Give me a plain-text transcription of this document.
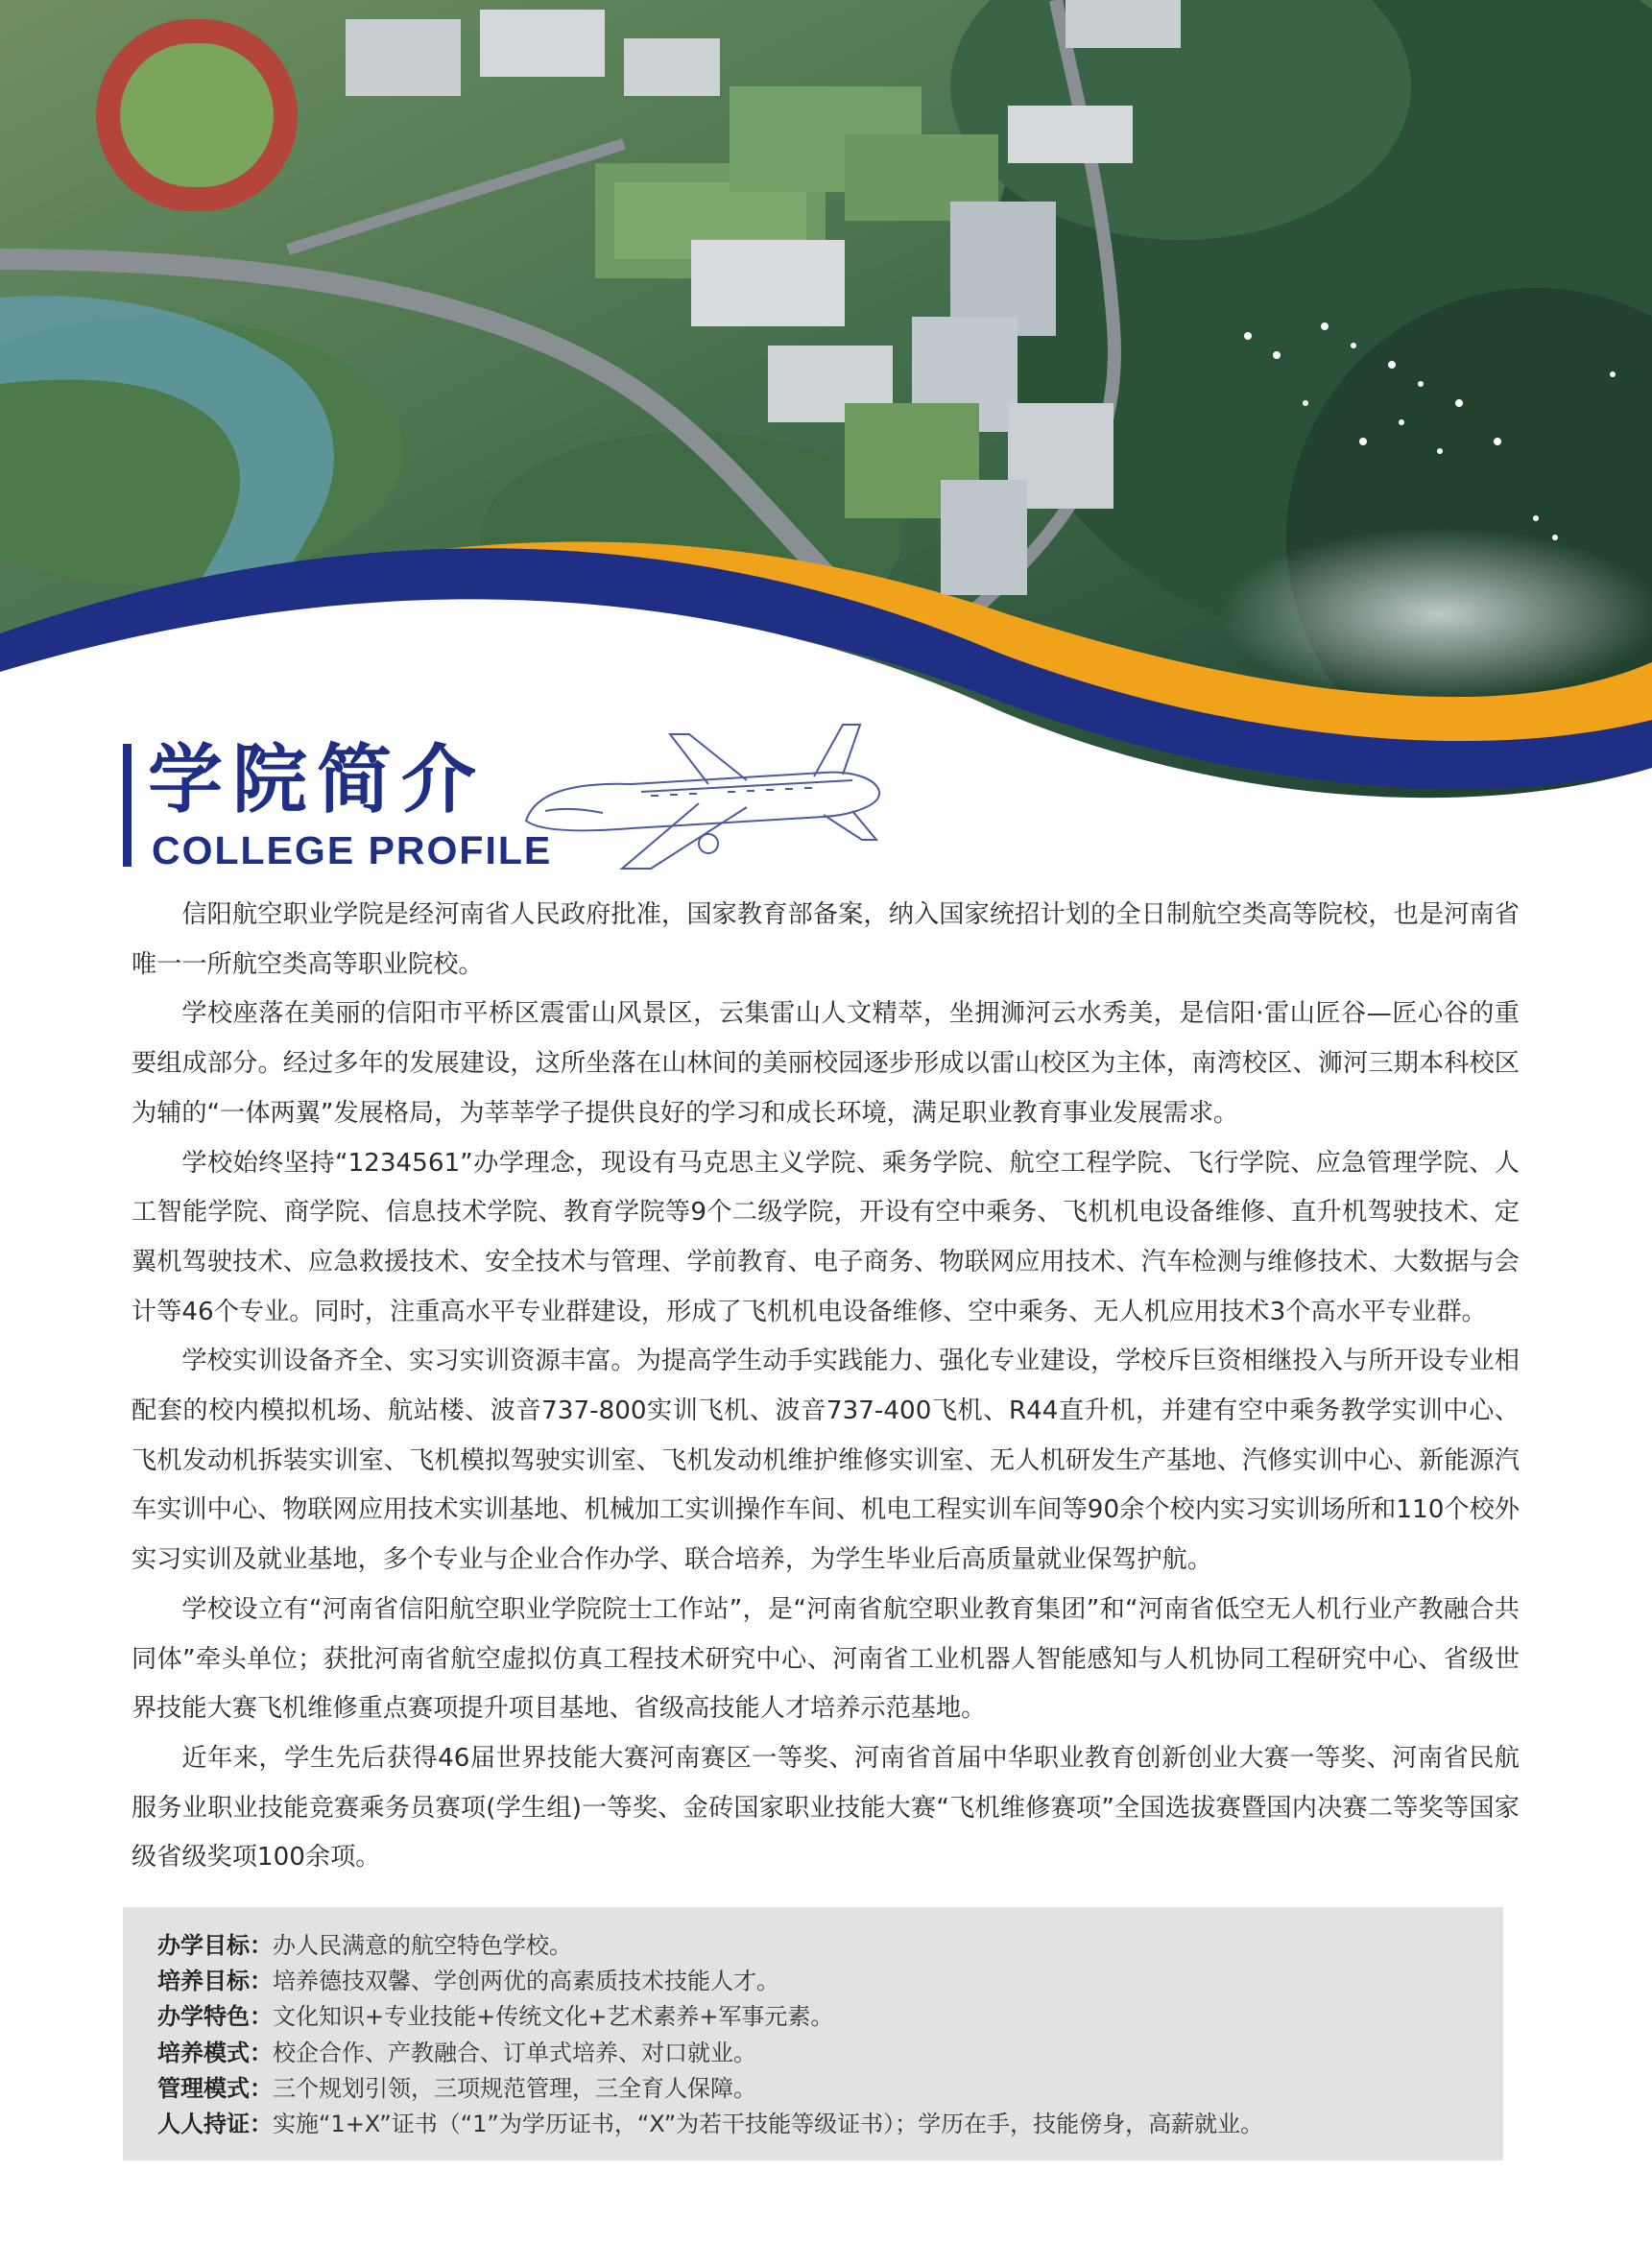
学院简介
COLLEGE PROFILE

信阳航空职业学院是经河南省人民政府批准，国家教育部备案，纳入国家统招计划的全日制航空类高等院校，也是河南省唯一一所航空类高等职业院校。

学校座落在美丽的信阳市平桥区震雷山风景区，云集雷山人文精萃，坐拥浉河云水秀美，是信阳·雷山匠谷—匠心谷的重要组成部分。经过多年的发展建设，这所坐落在山林间的美丽校园逐步形成以雷山校区为主体，南湾校区、浉河三期本科校区为辅的“一体两翼”发展格局，为莘莘学子提供良好的学习和成长环境，满足职业教育事业发展需求。

学校始终坚持“1234561”办学理念，现设有马克思主义学院、乘务学院、航空工程学院、飞行学院、应急管理学院、人工智能学院、商学院、信息技术学院、教育学院等9个二级学院，开设有空中乘务、飞机机电设备维修、直升机驾驶技术、定翼机驾驶技术、应急救援技术、安全技术与管理、学前教育、电子商务、物联网应用技术、汽车检测与维修技术、大数据与会计等46个专业。同时，注重高水平专业群建设，形成了飞机机电设备维修、空中乘务、无人机应用技术3个高水平专业群。

学校实训设备齐全、实习实训资源丰富。为提高学生动手实践能力、强化专业建设，学校斥巨资相继投入与所开设专业相配套的校内模拟机场、航站楼、波音737-800实训飞机、波音737-400飞机、R44直升机，并建有空中乘务教学实训中心、飞机发动机拆装实训室、飞机模拟驾驶实训室、飞机发动机维护维修实训室、无人机研发生产基地、汽修实训中心、新能源汽车实训中心、物联网应用技术实训基地、机械加工实训操作车间、机电工程实训车间等90余个校内实习实训场所和110个校外实习实训及就业基地，多个专业与企业合作办学、联合培养，为学生毕业后高质量就业保驾护航。

学校设立有“河南省信阳航空职业学院院士工作站”，是“河南省航空职业教育集团”和“河南省低空无人机行业产教融合共同体”牵头单位；获批河南省航空虚拟仿真工程技术研究中心、河南省工业机器人智能感知与人机协同工程研究中心、省级世界技能大赛飞机维修重点赛项提升项目基地、省级高技能人才培养示范基地。

近年来，学生先后获得46届世界技能大赛河南赛区一等奖、河南省首届中华职业教育创新创业大赛一等奖、河南省民航服务业职业技能竞赛乘务员赛项(学生组)一等奖、金砖国家职业技能大赛“飞机维修赛项”全国选拔赛暨国内决赛二等奖等国家级省级奖项100余项。

办学目标：办人民满意的航空特色学校。
培养目标：培养德技双馨、学创两优的高素质技术技能人才。
办学特色：文化知识+专业技能+传统文化+艺术素养+军事元素。
培养模式：校企合作、产教融合、订单式培养、对口就业。
管理模式：三个规划引领，三项规范管理，三全育人保障。
人人持证：实施“1+X”证书（“1”为学历证书，“X”为若干技能等级证书）；学历在手，技能傍身，高薪就业。
